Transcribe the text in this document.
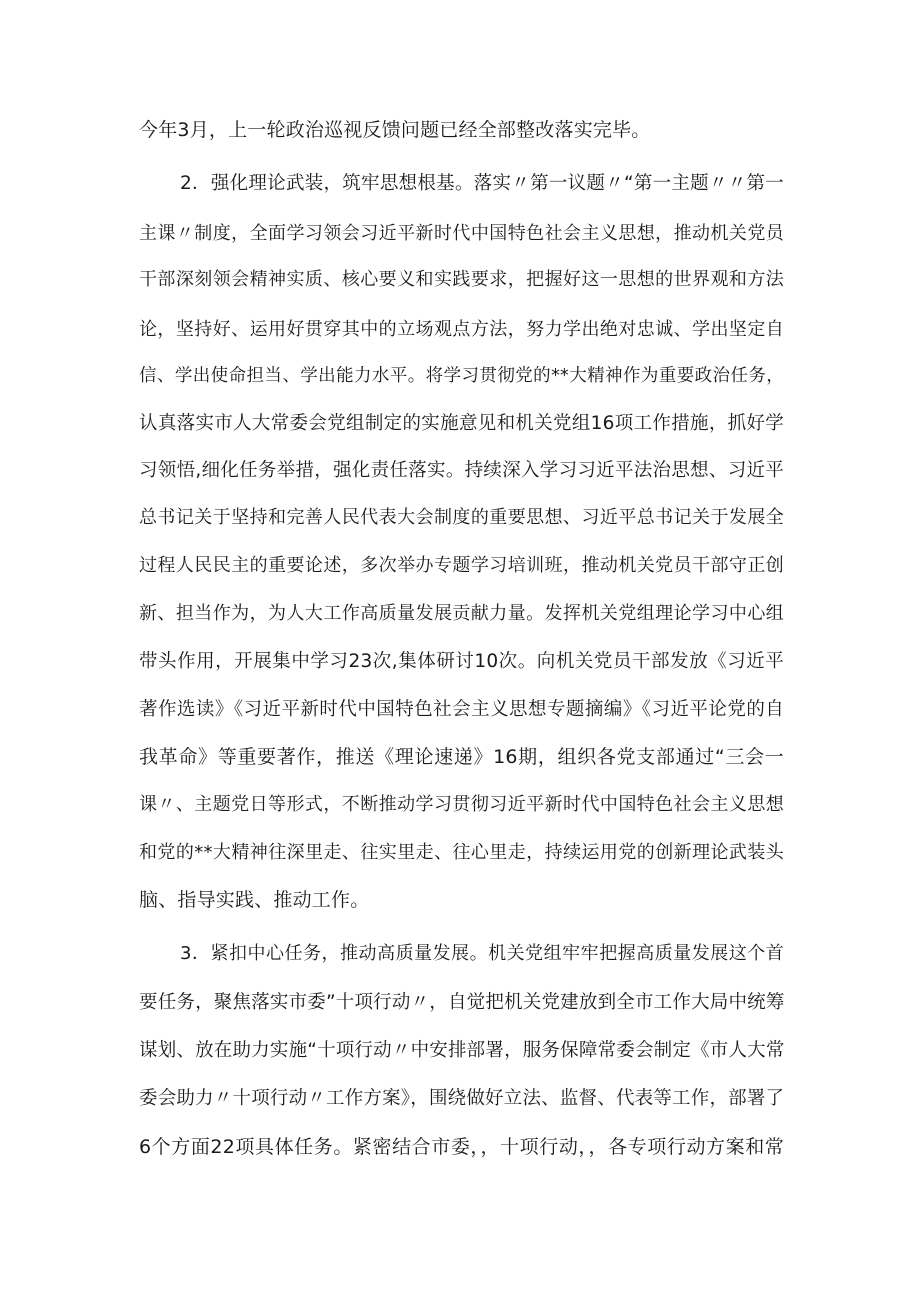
今年3月，上一轮政治巡视反馈问题已经全部整改落实完毕。
2．强化理论武装，筑牢思想根基。落实〃第一议题〃“第一主题〃〃第一
主课〃制度，全面学习领会习近平新时代中国特色社会主义思想，推动机关党员
干部深刻领会精神实质、核心要义和实践要求，把握好这一思想的世界观和方法
论，坚持好、运用好贯穿其中的立场观点方法，努力学出绝对忠诚、学出坚定自
信、学出使命担当、学出能力水平。将学习贯彻党的**大精神作为重要政治任务，
认真落实市人大常委会党组制定的实施意见和机关党组16项工作措施，抓好学
习领悟,细化任务举措，强化责任落实。持续深入学习习近平法治思想、习近平
总书记关于坚持和完善人民代表大会制度的重要思想、习近平总书记关于发展全
过程人民民主的重要论述，多次举办专题学习培训班，推动机关党员干部守正创
新、担当作为，为人大工作高质量发展贡献力量。发挥机关党组理论学习中心组
带头作用，开展集中学习23次,集体研讨10次。向机关党员干部发放《习近平
著作选读》《习近平新时代中国特色社会主义思想专题摘编》《习近平论党的自
我革命》等重要著作，推送《理论速递》16期，组织各党支部通过“三会一
课〃、主题党日等形式，不断推动学习贯彻习近平新时代中国特色社会主义思想
和党的**大精神往深里走、往实里走、往心里走，持续运用党的创新理论武装头
脑、指导实践、推动工作。
3．紧扣中心任务，推动高质量发展。机关党组牢牢把握高质量发展这个首
要任务，聚焦落实市委”十项行动〃，自觉把机关党建放到全市工作大局中统筹
谋划、放在助力实施“十项行动〃中安排部署，服务保障常委会制定《市人大常
委会助力〃十项行动〃工作方案》，围绕做好立法、监督、代表等工作，部署了
6个方面22项具体任务。紧密结合市委，，十项行动，，各专项行动方案和常
